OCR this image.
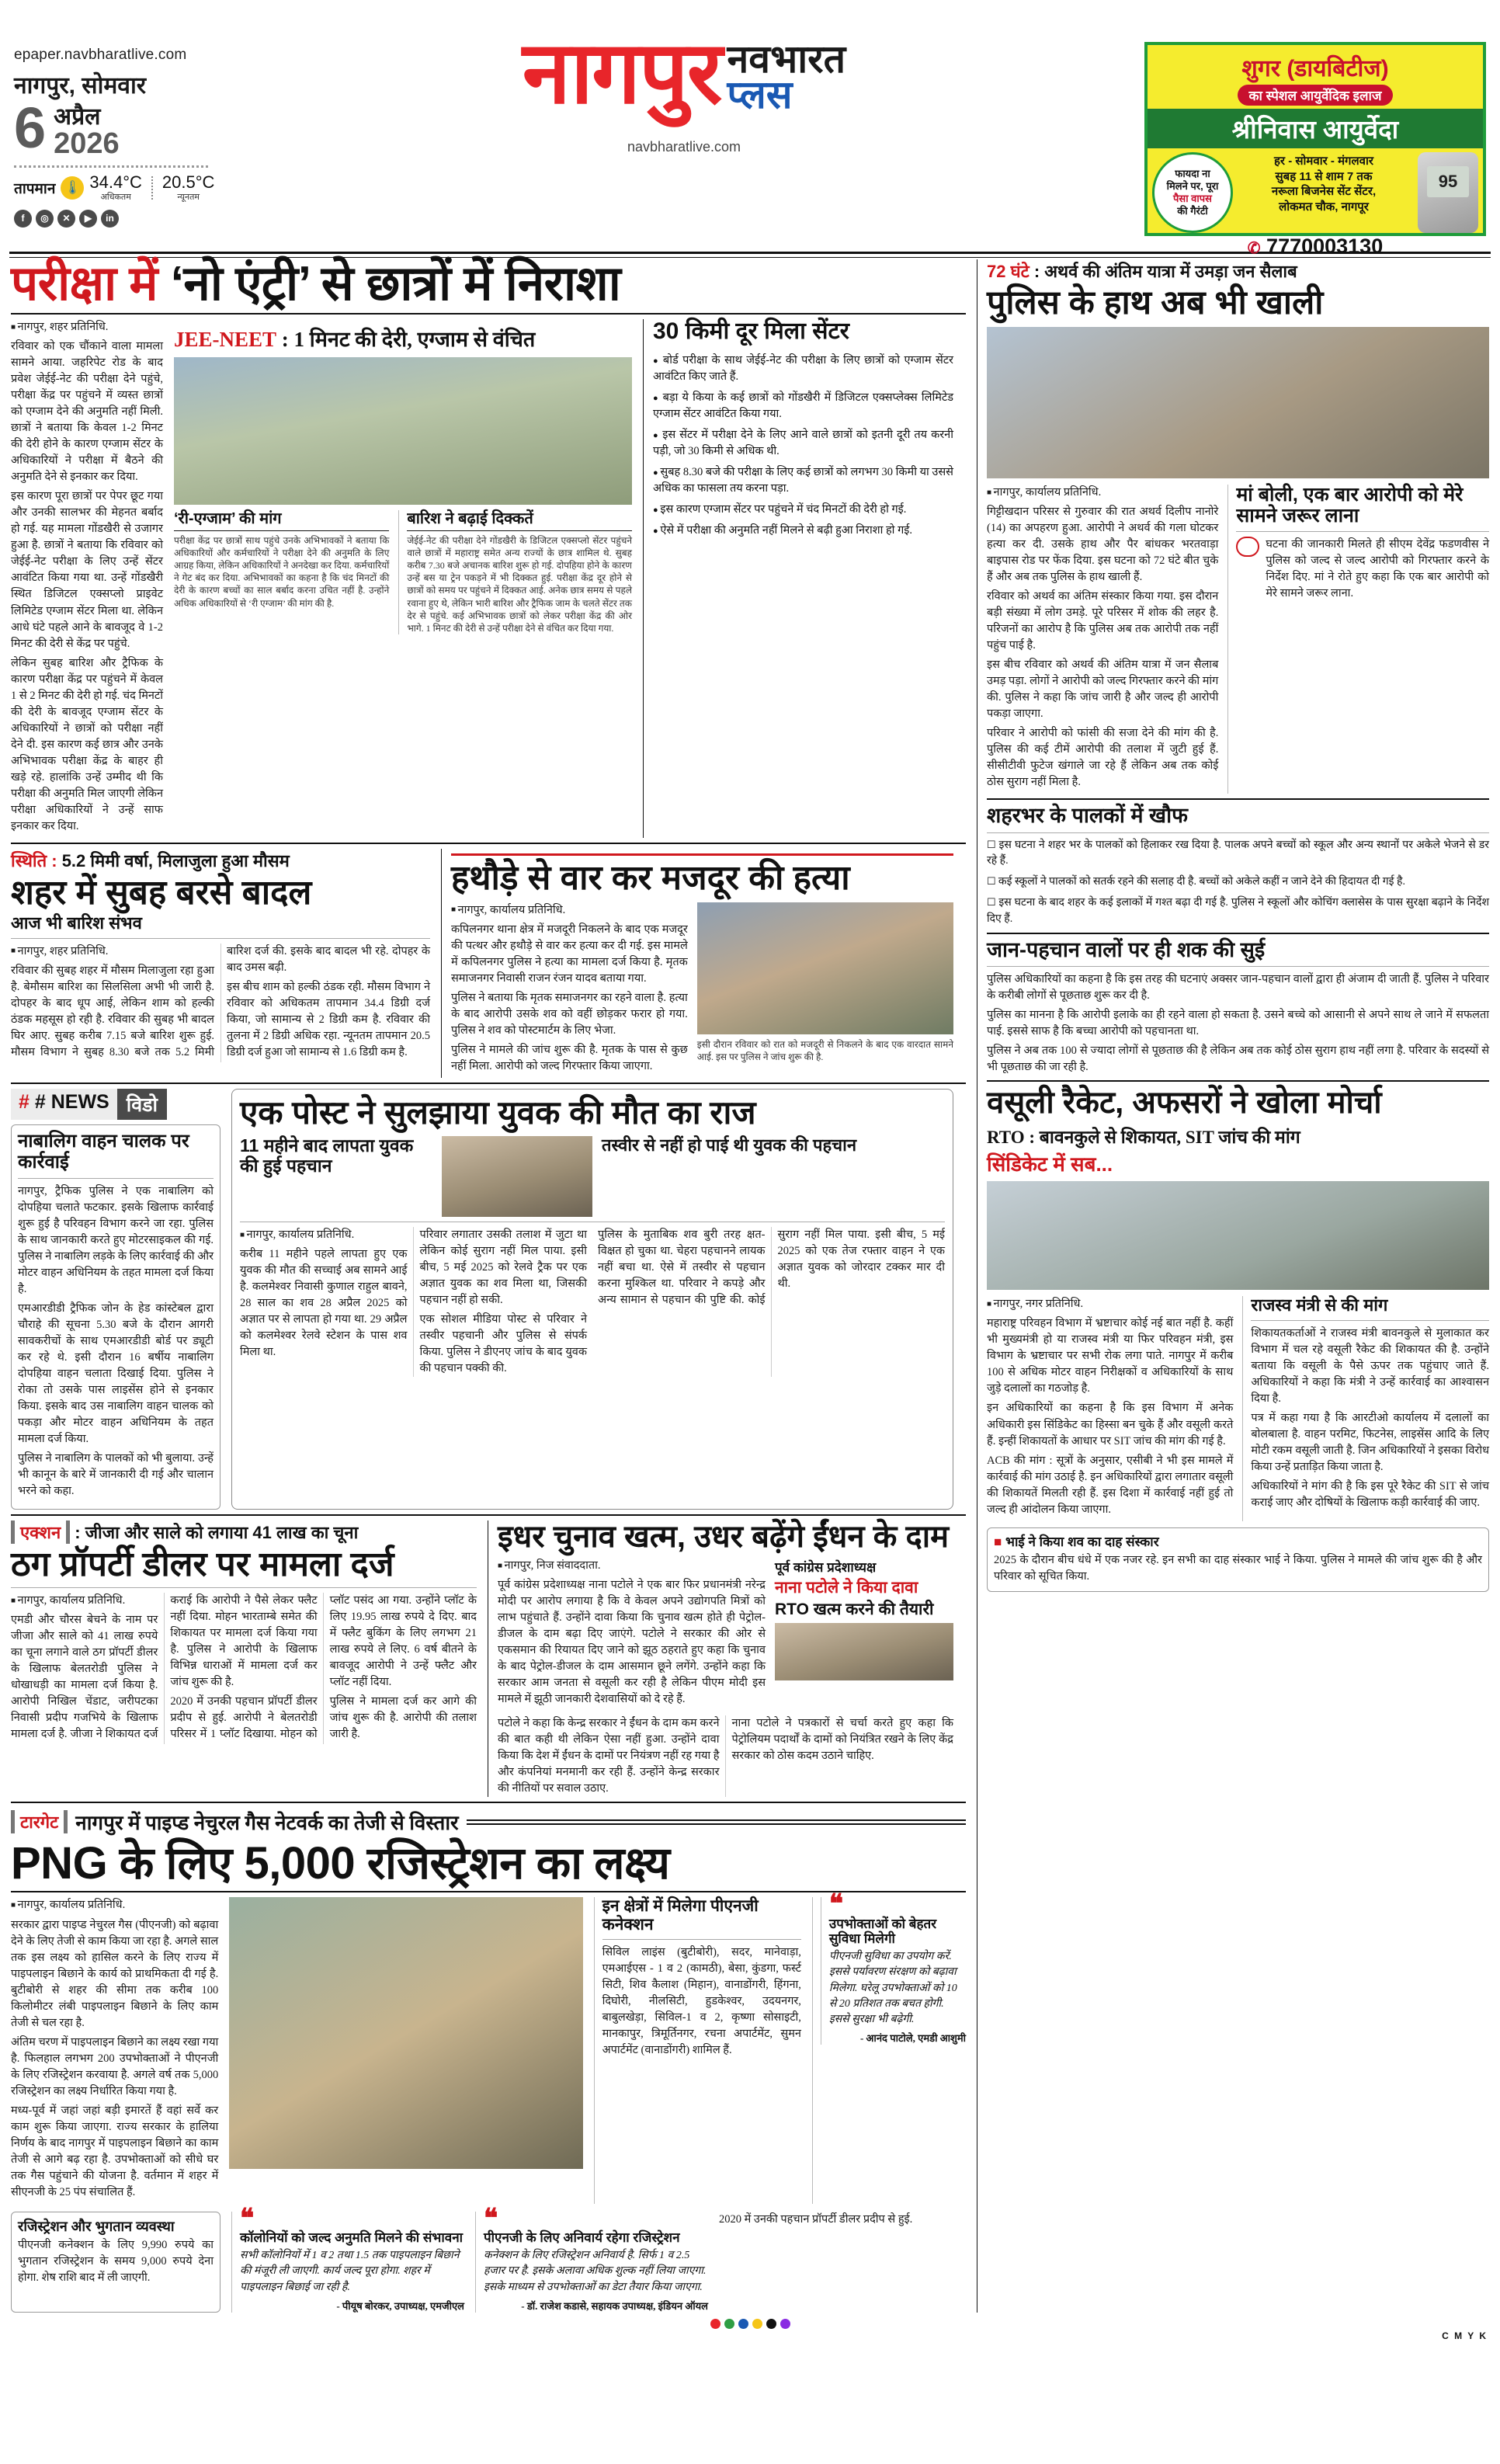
epaper.navbharatlive.com
नागपुर, सोमवार
6 अप्रैल
2026
तापमान 🌡 34.4°C
अधिकतम
20.5°C
न्यूनतम
f	◎	✕	▶	in
नागपुर नवभारत
प्लस
navbharatlive.com
शुगर (डायबिटीज)
का स्पेशल आयुर्वेदिक इलाज
श्रीनिवास आयुर्वेदा
फायदा ना
मिलने पर, पूरा
पैसा वापस
की गैरंटी
हर - सोमवार - मंगलवार
सुबह 11 से शाम 7 तक
नरूला बिजनेस सेंट सेंटर,
लोकमत चौक, नागपूर
95
✆ 7770003130
परीक्षा में ‘नो एंट्री’ से छात्रों में निराशा

■ नागपुर, शहर प्रतिनिधि.

रविवार को एक चौंकाने वाला मामला सामने आया. जहरिपेट रोड के बाद प्रवेश जेईई-नेट की परीक्षा देने पहुंचे, परीक्षा केंद्र पर पहुंचने में व्यस्त छात्रों को एग्जाम देने की अनुमति नहीं मिली. छात्रों ने बताया कि केवल 1-2 मिनट की देरी होने के कारण एग्जाम सेंटर के अधिकारियों ने परीक्षा में बैठने की अनुमति देने से इनकार कर दिया.

इस कारण पूरा छात्रों पर पेपर छूट गया और उनकी सालभर की मेहनत बर्बाद हो गई. यह मामला गोंडखैरी से उजागर हुआ है. छात्रों ने बताया कि रविवार को जेईई-नेट परीक्षा के लिए उन्हें सेंटर आवंटित किया गया था. उन्हें गोंडखैरी स्थित डिजिटल एक्सप्लो प्राइवेट लिमिटेड एग्जाम सेंटर मिला था. लेकिन आधे घंटे पहले आने के बावजूद वे 1-2 मिनट की देरी से केंद्र पर पहुंचे.

लेकिन सुबह बारिश और ट्रैफिक के कारण परीक्षा केंद्र पर पहुंचने में केवल 1 से 2 मिनट की देरी हो गई. चंद मिनटों की देरी के बावजूद एग्जाम सेंटर के अधिकारियों ने छात्रों को परीक्षा नहीं देने दी. इस कारण कई छात्र और उनके अभिभावक परीक्षा केंद्र के बाहर ही खड़े रहे. हालांकि उन्हें उम्मीद थी कि परीक्षा की अनुमति मिल जाएगी लेकिन परीक्षा अधिकारियों ने उन्हें साफ इनकार कर दिया.

JEE-NEET : 1 मिनट की देरी, एग्जाम से वंचित
‘री-एग्जाम’ की मांग
परीक्षा केंद्र पर छात्रों साथ पहुंचे उनके अभिभावकों ने बताया कि अधिकारियों और कर्मचारियों ने परीक्षा देने की अनुमति के लिए आग्रह किया, लेकिन अधिकारियों ने अनदेखा कर दिया. कर्मचारियों ने गेट बंद कर दिया. अभिभावकों का कहना है कि चंद मिनटों की देरी के कारण बच्चों का साल बर्बाद करना उचित नहीं है. उन्होंने अधिक अधिकारियों से ‘री एग्जाम’ की मांग की है.
बारिश ने बढ़ाई दिक्कतें
जेईई-नेट की परीक्षा देने गोंडखैरी के डिजिटल एक्सप्लो सेंटर पहुंचने वाले छात्रों में महाराष्ट्र समेत अन्य राज्यों के छात्र शामिल थे. सुबह करीब 7.30 बजे अचानक बारिश शुरू हो गई. दोपहिया होने के कारण उन्हें बस या ट्रेन पकड़ने में भी दिक्कत हुई. परीक्षा केंद्र दूर होने से छात्रों को समय पर पहुंचने में दिक्कत आई. अनेक छात्र समय से पहले रवाना हुए थे, लेकिन भारी बारिश और ट्रैफिक जाम के चलते सेंटर तक देर से पहुंचे. कई अभिभावक छात्रों को लेकर परीक्षा केंद्र की ओर भागे. 1 मिनट की देरी से उन्हें परीक्षा देने से वंचित कर दिया गया.
30 किमी दूर मिला सेंटर
● बोर्ड परीक्षा के साथ जेईई-नेट की परीक्षा के लिए छात्रों को एग्जाम सेंटर आवंटित किए जाते हैं.
● बड़ा ये किया के कई छात्रों को गोंडखैरी में डिजिटल एक्सप्लेक्स लिमिटेड एग्जाम सेंटर आवंटित किया गया.
● इस सेंटर में परीक्षा देने के लिए आने वाले छात्रों को इतनी दूरी तय करनी पड़ी, जो 30 किमी से अधिक थी.
● सुबह 8.30 बजे की परीक्षा के लिए कई छात्रों को लगभग 30 किमी या उससे अधिक का फासला तय करना पड़ा.
● इस कारण एग्जाम सेंटर पर पहुंचने में चंद मिनटों की देरी हो गई.
● ऐसे में परीक्षा की अनुमति नहीं मिलने से बढ़ी हुआ निराशा हो गई.
स्थिति : 5.2 मिमी वर्षा, मिलाजुला हुआ मौसम
शहर में सुबह बरसे बादल
आज भी बारिश संभव

■ नागपुर, शहर प्रतिनिधि.

रविवार की सुबह शहर में मौसम मिलाजुला रहा हुआ है. बेमौसम बारिश का सिलसिला अभी भी जारी है. दोपहर के बाद धूप आई, लेकिन शाम को हल्की ठंडक महसूस हो रही है. रविवार की सुबह भी बादल घिर आए. सुबह करीब 7.15 बजे बारिश शुरू हुई. मौसम विभाग ने सुबह 8.30 बजे तक 5.2 मिमी बारिश दर्ज की. इसके बाद बादल भी रहे. दोपहर के बाद उमस बढ़ी.

इस बीच शाम को हल्की ठंडक रही. मौसम विभाग ने रविवार को अधिकतम तापमान 34.4 डिग्री दर्ज किया, जो सामान्य से 2 डिग्री कम है. रविवार की तुलना में 2 डिग्री अधिक रहा. न्यूनतम तापमान 20.5 डिग्री दर्ज हुआ जो सामान्य से 1.6 डिग्री कम है.

हथौड़े से वार कर मजदूर की हत्या

■ नागपुर, कार्यालय प्रतिनिधि.

कपिलनगर थाना क्षेत्र में मजदूरी निकलने के बाद एक मजदूर की पत्थर और हथौड़े से वार कर हत्या कर दी गई. इस मामले में कपिलनगर पुलिस ने हत्या का मामला दर्ज किया है. मृतक समाजनगर निवासी राजन रंजन यादव बताया गया.

पुलिस ने बताया कि मृतक समाजनगर का रहने वाला है. हत्या के बाद आरोपी उसके शव को वहीं छोड़कर फरार हो गया. पुलिस ने शव को पोस्टमार्टम के लिए भेजा.

पुलिस ने मामले की जांच शुरू की है. मृतक के पास से कुछ नहीं मिला. आरोपी को जल्द गिरफ्तार किया जाएगा.

इसी दौरान रविवार को रात को मजदूरी से निकलने के बाद एक वारदात सामने आई. इस पर पुलिस ने जांच शुरू की है.
# # NEWS विडो
नाबालिग वाहन चालक पर कार्रवाई

नागपुर, ट्रैफिक पुलिस ने एक नाबालिग को दोपहिया चलाते फटकार. इसके खिलाफ कार्रवाई शुरू हुई है परिवहन विभाग करने जा रहा. पुलिस के साथ जानकारी करते हुए मोटरसाइकल की गई. पुलिस ने नाबालिग लड़के के लिए कार्रवाई की और मोटर वाहन अधिनियम के तहत मामला दर्ज किया है.

एमआरडीडी ट्रैफिक जोन के हेड कांस्टेबल द्वारा चौराहे की सूचना 5.30 बजे के दौरान आगरी सावकरीचों के साथ एमआरडीडी बोर्ड पर ड्यूटी कर रहे थे. इसी दौरान 16 बर्षीय नाबालिग दोपहिया वाहन चलाता दिखाई दिया. पुलिस ने रोका तो उसके पास लाइसेंस होने से इनकार किया. इसके बाद उस नाबालिग वाहन चालक को पकड़ा और मोटर वाहन अधिनियम के तहत मामला दर्ज किया.

पुलिस ने नाबालिग के पालकों को भी बुलाया. उन्हें भी कानून के बारे में जानकारी दी गई और चालान भरने को कहा.

एक पोस्ट ने सुलझाया युवक की मौत का राज
11 महीने बाद लापता युवक की हुई पहचान
तस्वीर से नहीं हो पाई थी युवक की पहचान

■ नागपुर, कार्यालय प्रतिनिधि.

करीब 11 महीने पहले लापता हुए एक युवक की मौत की सच्चाई अब सामने आई है. कलमेश्वर निवासी कुणाल राहुल बावने, 28 साल का शव 28 अप्रैल 2025 को अज्ञात पर से लापता हो गया था. 29 अप्रैल को कलमेश्वर रेलवे स्टेशन के पास शव मिला था.

परिवार लगातार उसकी तलाश में जुटा था लेकिन कोई सुराग नहीं मिल पाया. इसी बीच, 5 मई 2025 को रेलवे ट्रैक पर एक अज्ञात युवक का शव मिला था, जिसकी पहचान नहीं हो सकी.

एक सोशल मीडिया पोस्ट से परिवार ने तस्वीर पहचानी और पुलिस से संपर्क किया. पुलिस ने डीएनए जांच के बाद युवक की पहचान पक्की की.

पुलिस के मुताबिक शव बुरी तरह क्षत-विक्षत हो चुका था. चेहरा पहचानने लायक नहीं बचा था. ऐसे में तस्वीर से पहचान करना मुश्किल था. परिवार ने कपड़े और अन्य सामान से पहचान की पुष्टि की. कोई सुराग नहीं मिल पाया. इसी बीच, 5 मई 2025 को एक तेज रफ्तार वाहन ने एक अज्ञात युवक को जोरदार टक्कर मार दी थी.

एक्शन : जीजा और साले को लगाया 41 लाख का चूना
ठग प्रॉपर्टी डीलर पर मामला दर्ज

■ नागपुर, कार्यालय प्रतिनिधि.

एमडी और चौरस बेचने के नाम पर जीजा और साले को 41 लाख रुपये का चूना लगाने वाले ठग प्रॉपर्टी डीलर के खिलाफ बेलतरोडी पुलिस ने धोखाधड़ी का मामला दर्ज किया है. आरोपी निखिल चेंडाट, जरीपटका निवासी प्रदीप गजभिये के खिलाफ मामला दर्ज है. जीजा ने शिकायत दर्ज कराई कि आरोपी ने पैसे लेकर फ्लैट नहीं दिया. मोहन भारताम्बे समेत की शिकायत पर मामला दर्ज किया गया है. पुलिस ने आरोपी के खिलाफ विभिन्न धाराओं में मामला दर्ज कर जांच शुरू की है.

2020 में उनकी पहचान प्रॉपर्टी डीलर प्रदीप से हुई. आरोपी ने बेलतरोडी परिसर में 1 प्लॉट दिखाया. मोहन को प्लॉट पसंद आ गया. उन्होंने प्लॉट के लिए 19.95 लाख रुपये दे दिए. बाद में फ्लैट बुकिंग के लिए लगभग 21 लाख रुपये ले लिए. 6 वर्ष बीतने के बावजूद आरोपी ने उन्हें फ्लैट और प्लॉट नहीं दिया.

पुलिस ने मामला दर्ज कर आगे की जांच शुरू की है. आरोपी की तलाश जारी है.

इधर चुनाव खत्म, उधर बढ़ेंगे ईंधन के दाम

■ नागपुर, निज संवाददाता.

पूर्व कांग्रेस प्रदेशाध्यक्ष नाना पटोले ने एक बार फिर प्रधानमंत्री नरेन्द्र मोदी पर आरोप लगाया है कि वे केवल अपने उद्योगपति मित्रों को लाभ पहुंचाते हैं. उन्होंने दावा किया कि चुनाव खत्म होते ही पेट्रोल-डीजल के दाम बढ़ा दिए जाएंगे. पटोले ने सरकार की ओर से एकसमान की रियायत दिए जाने को झूठ ठहराते हुए कहा कि चुनाव के बाद पेट्रोल-डीजल के दाम आसमान छूने लगेंगे. उन्होंने कहा कि सरकार आम जनता से वसूली कर रही है लेकिन पीएम मोदी इस मामले में झूठी जानकारी देशवासियों को दे रहे हैं.

पूर्व कांग्रेस प्रदेशाध्यक्ष
नाना पटोले ने किया दावा
RTO खत्म करने की तैयारी

पटोले ने कहा कि केन्द्र सरकार ने ईंधन के दाम कम करने की बात कही थी लेकिन ऐसा नहीं हुआ. उन्होंने दावा किया कि देश में ईंधन के दामों पर नियंत्रण नहीं रह गया है और कंपनियां मनमानी कर रही हैं. उन्होंने केन्द्र सरकार की नीतियों पर सवाल उठाए.

नाना पटोले ने पत्रकारों से चर्चा करते हुए कहा कि पेट्रोलियम पदार्थों के दामों को नियंत्रित रखने के लिए केंद्र सरकार को ठोस कदम उठाने चाहिए.

टारगेट नागपुर में पाइप्ड नेचुरल गैस नेटवर्क का तेजी से विस्तार
PNG के लिए 5,000 रजिस्ट्रेशन का लक्ष्य

■ नागपुर, कार्यालय प्रतिनिधि.

सरकार द्वारा पाइप्ड नेचुरल गैस (पीएनजी) को बढ़ावा देने के लिए तेजी से काम किया जा रहा है. अगले साल तक इस लक्ष्य को हासिल करने के लिए राज्य में पाइपलाइन बिछाने के कार्य को प्राथमिकता दी गई है. बुटीबोरी से शहर की सीमा तक करीब 100 किलोमीटर लंबी पाइपलाइन बिछाने के लिए काम तेजी से चल रहा है.

अंतिम चरण में पाइपलाइन बिछाने का लक्ष्य रखा गया है. फिलहाल लगभग 200 उपभोक्ताओं ने पीएनजी के लिए रजिस्ट्रेशन करवाया है. अगले वर्ष तक 5,000 रजिस्ट्रेशन का लक्ष्य निर्धारित किया गया है.

मध्य-पूर्व में जहां जहां बड़ी इमारतें हैं वहां सर्वे कर काम शुरू किया जाएगा. राज्य सरकार के हालिया निर्णय के बाद नागपुर में पाइपलाइन बिछाने का काम तेजी से आगे बढ़ रहा है. उपभोक्ताओं को सीधे घर तक गैस पहुंचाने की योजना है. वर्तमान में शहर में सीएनजी के 25 पंप संचालित हैं.

इन क्षेत्रों में मिलेगा पीएनजी कनेक्शन
सिविल लाइंस (बुटीबोरी), सदर, मानेवाड़ा, एमआईएस - 1 व 2 (कामठी), बेसा, कुंडगा, फर्स्ट सिटी, शिव कैलाश (मिहान), वानाडोंगरी, हिंगना, दिघोरी, नीलसिटी, हुडकेश्वर, उदयनगर, बाबुलखेड़ा, सिविल-1 व 2, कृष्णा सोसाइटी, मानकापुर, त्रिमूर्तिनगर, रचना अपार्टमेंट, सुमन अपार्टमेंट (वानाडोंगरी) शामिल हैं.
❝
उपभोक्ताओं को बेहतर सुविधा मिलेगी
पीएनजी सुविधा का उपयोग करें. इससे पर्यावरण संरक्षण को बढ़ावा मिलेगा. घरेलू उपभोक्ताओं को 10 से 20 प्रतिशत तक बचत होगी. इससे सुरक्षा भी बढ़ेगी.
- आनंद पाटोले, एमडी आशुमी
रजिस्ट्रेशन और भुगतान व्यवस्था
पीएनजी कनेक्शन के लिए 9,990 रुपये का भुगतान रजिस्ट्रेशन के समय 9,000 रुपये देना होगा. शेष राशि बाद में ली जाएगी.
❝
कॉलोनियों को जल्द अनुमति मिलने की संभावना
सभी कॉलोनियों में 1 व 2 तथा 1.5 तक पाइपलाइन बिछाने की मंजूरी ली जाएगी. कार्य जल्द पूरा होगा. शहर में पाइपलाइन बिछाई जा रही है.
- पीयूष बोरकर, उपाध्यक्ष, एमजीएल
❝
पीएनजी के लिए अनिवार्य रहेगा रजिस्ट्रेशन
कनेक्शन के लिए रजिस्ट्रेशन अनिवार्य है. सिर्फ 1 व 2.5 हजार पर है. इसके अलावा अधिक शुल्क नहीं लिया जाएगा. इसके माध्यम से उपभोक्ताओं का डेटा तैयार किया जाएगा.
- डॉ. राजेश कडासे, सहायक उपाध्यक्ष, इंडियन ऑयल
2020 में उनकी पहचान प्रॉपर्टी डीलर प्रदीप से हुई.
72 घंटे : अथर्व की अंतिम यात्रा में उमड़ा जन सैलाब
पुलिस के हाथ अब भी खाली

■ नागपुर, कार्यालय प्रतिनिधि.

गिट्टीखदान परिसर से गुरुवार की रात अथर्व दिलीप नानोरे (14) का अपहरण हुआ. आरोपी ने अथर्व की गला घोटकर हत्या कर दी. उसके हाथ और पैर बांधकर भरतवाड़ा बाइपास रोड पर फेंक दिया. इस घटना को 72 घंटे बीत चुके हैं और अब तक पुलिस के हाथ खाली हैं.

रविवार को अथर्व का अंतिम संस्कार किया गया. इस दौरान बड़ी संख्या में लोग उमड़े. पूरे परिसर में शोक की लहर है. परिजनों का आरोप है कि पुलिस अब तक आरोपी तक नहीं पहुंच पाई है.

इस बीच रविवार को अथर्व की अंतिम यात्रा में जन सैलाब उमड़ पड़ा. लोगों ने आरोपी को जल्द गिरफ्तार करने की मांग की. पुलिस ने कहा कि जांच जारी है और जल्द ही आरोपी पकड़ा जाएगा.

परिवार ने आरोपी को फांसी की सजा देने की मांग की है. पुलिस की कई टीमें आरोपी की तलाश में जुटी हुई हैं. सीसीटीवी फुटेज खंगाले जा रहे हैं लेकिन अब तक कोई ठोस सुराग नहीं मिला है.

मां बोली, एक बार आरोपी को मेरे सामने जरूर लाना
घटना की जानकारी मिलते ही सीएम देवेंद्र फडणवीस ने पुलिस को जल्द से जल्द आरोपी को गिरफ्तार करने के निर्देश दिए. मां ने रोते हुए कहा कि एक बार आरोपी को मेरे सामने जरूर लाना.
शहरभर के पालकों में खौफ
☐ इस घटना ने शहर भर के पालकों को हिलाकर रख दिया है. पालक अपने बच्चों को स्कूल और अन्य स्थानों पर अकेले भेजने से डर रहे हैं.
☐ कई स्कूलों ने पालकों को सतर्क रहने की सलाह दी है. बच्चों को अकेले कहीं न जाने देने की हिदायत दी गई है.
☐ इस घटना के बाद शहर के कई इलाकों में गश्त बढ़ा दी गई है. पुलिस ने स्कूलों और कोचिंग क्लासेस के पास सुरक्षा बढ़ाने के निर्देश दिए हैं.
जान-पहचान वालों पर ही शक की सुई

पुलिस अधिकारियों का कहना है कि इस तरह की घटनाएं अक्सर जान-पहचान वालों द्वारा ही अंजाम दी जाती हैं. पुलिस ने परिवार के करीबी लोगों से पूछताछ शुरू कर दी है.

पुलिस का मानना है कि आरोपी इलाके का ही रहने वाला हो सकता है. उसने बच्चे को आसानी से अपने साथ ले जाने में सफलता पाई. इससे साफ है कि बच्चा आरोपी को पहचानता था.

पुलिस ने अब तक 100 से ज्यादा लोगों से पूछताछ की है लेकिन अब तक कोई ठोस सुराग हाथ नहीं लगा है. परिवार के सदस्यों से भी पूछताछ की जा रही है.

वसूली रैकेट, अफसरों ने खोला मोर्चा
RTO : बावनकुले से शिकायत, SIT जांच की मांग
सिंडिकेट में सब...

■ नागपुर, नगर प्रतिनिधि.

महाराष्ट्र परिवहन विभाग में भ्रष्टाचार कोई नई बात नहीं है. कहीं भी मुख्यमंत्री हो या राजस्व मंत्री या फिर परिवहन मंत्री, इस विभाग के भ्रष्टाचार पर सभी रोक लगा पाते. नागपुर में करीब 100 से अधिक मोटर वाहन निरीक्षकों व अधिकारियों के साथ जुड़े दलालों का गठजोड़ है.

इन अधिकारियों का कहना है कि इस विभाग में अनेक अधिकारी इस सिंडिकेट का हिस्सा बन चुके हैं और वसूली करते हैं. इन्हीं शिकायतों के आधार पर SIT जांच की मांग की गई है.

ACB की मांग : सूत्रों के अनुसार, एसीबी ने भी इस मामले में कार्रवाई की मांग उठाई है. इन अधिकारियों द्वारा लगातार वसूली की शिकायतें मिलती रही हैं. इस दिशा में कार्रवाई नहीं हुई तो जल्द ही आंदोलन किया जाएगा.

राजस्व मंत्री से की मांग

शिकायतकर्ताओं ने राजस्व मंत्री बावनकुले से मुलाकात कर विभाग में चल रहे वसूली रैकेट की शिकायत की है. उन्होंने बताया कि वसूली के पैसे ऊपर तक पहुंचाए जाते हैं. अधिकारियों ने कहा कि मंत्री ने उन्हें कार्रवाई का आश्वासन दिया है.

पत्र में कहा गया है कि आरटीओ कार्यालय में दलालों का बोलबाला है. वाहन परमिट, फिटनेस, लाइसेंस आदि के लिए मोटी रकम वसूली जाती है. जिन अधिकारियों ने इसका विरोध किया उन्हें प्रताड़ित किया जाता है.

अधिकारियों ने मांग की है कि इस पूरे रैकेट की SIT से जांच कराई जाए और दोषियों के खिलाफ कड़ी कार्रवाई की जाए.

■ भाई ने किया शव का दाह संस्कार
2025 के दौरान बीच धंधे में एक नजर रहे. इन सभी का दाह संस्कार भाई ने किया. पुलिस ने मामले की जांच शुरू की है और परिवार को सूचित किया.
C M Y K
